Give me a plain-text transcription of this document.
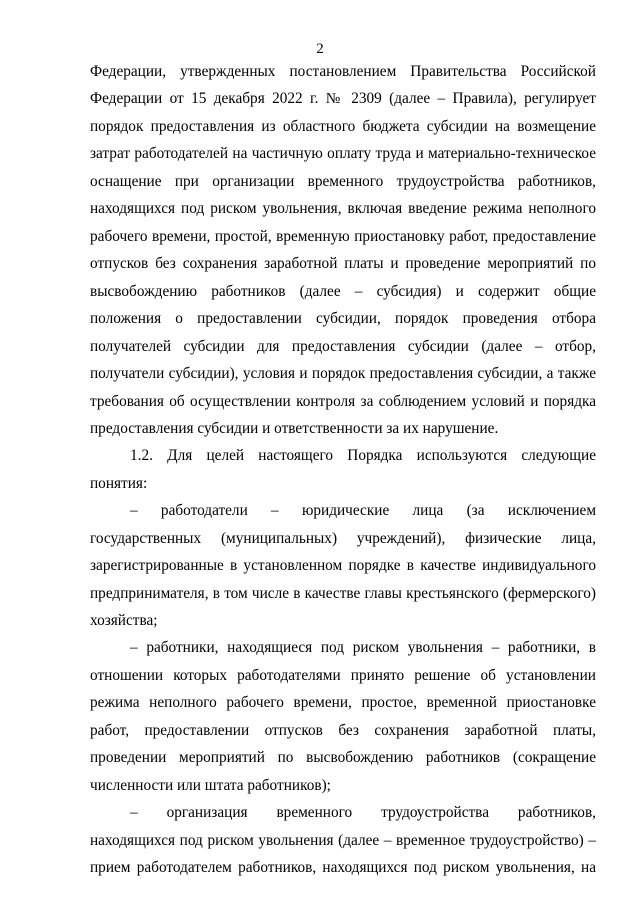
2
Федерации, утвержденных постановлением Правительства Российской
Федерации от 15 декабря 2022 г. № 2309 (далее – Правила), регулирует
порядок предоставления из областного бюджета субсидии на возмещение
затрат работодателей на частичную оплату труда и материально-техническое
оснащение при организации временного трудоустройства работников,
находящихся под риском увольнения, включая введение режима неполного
рабочего времени, простой, временную приостановку работ, предоставление
отпусков без сохранения заработной платы и проведение мероприятий по
высвобождению работников (далее – субсидия) и содержит общие
положения о предоставлении субсидии, порядок проведения отбора
получателей субсидии для предоставления субсидии (далее – отбор,
получатели субсидии), условия и порядок предоставления субсидии, а также
требования об осуществлении контроля за соблюдением условий и порядка
предоставления субсидии и ответственности за их нарушение.
1.2. Для целей настоящего Порядка используются следующие
понятия:
– работодатели – юридические лица (за исключением
государственных (муниципальных) учреждений), физические лица,
зарегистрированные в установленном порядке в качестве индивидуального
предпринимателя, в том числе в качестве главы крестьянского (фермерского)
хозяйства;
– работники, находящиеся под риском увольнения – работники, в
отношении которых работодателями принято решение об установлении
режима неполного рабочего времени, простое, временной приостановке
работ, предоставлении отпусков без сохранения заработной платы,
проведении мероприятий по высвобождению работников (сокращение
численности или штата работников);
– организация временного трудоустройства работников,
находящихся под риском увольнения (далее – временное трудоустройство) –
прием работодателем работников, находящихся под риском увольнения, на
